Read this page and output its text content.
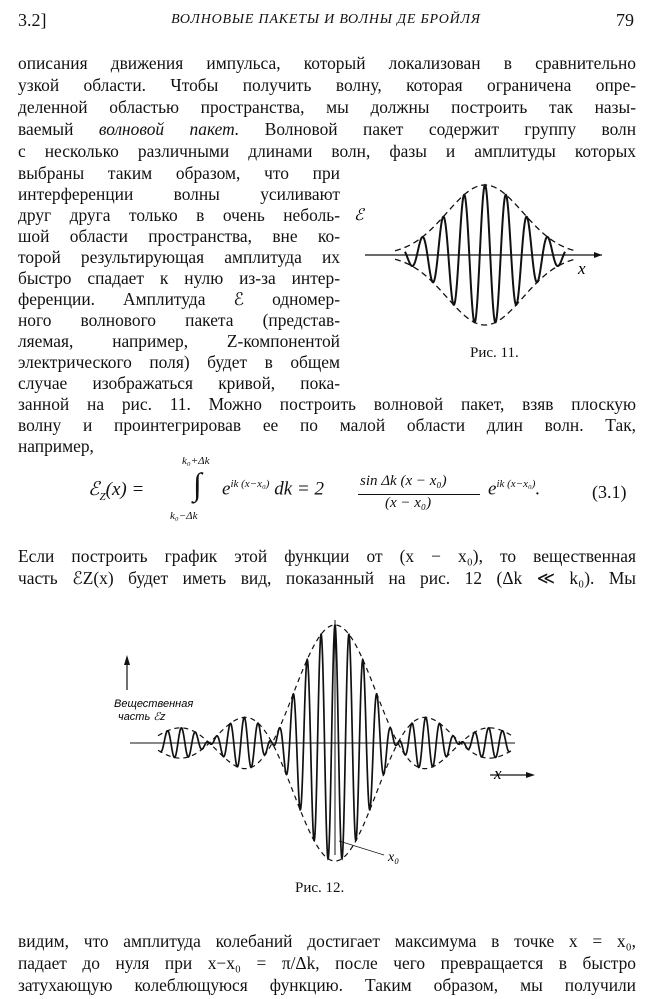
3.2]	ВОЛНОВЫЕ ПАКЕТЫ И ВОЛНЫ ДЕ БРОЙЛЯ	79
описания движения импульса, который локализован в сравнительно
узкой области. Чтобы получить волну, которая ограничена опре-
деленной областью пространства, мы должны построить так назы-
ваемый волновой пакет. Волновой пакет содержит группу волн
с несколько различными длинами волн, фазы и амплитуды которых
выбраны таким образом, что при
интерференции волны усиливают
друг друга только в очень неболь-
шой области пространства, вне ко-
торой результирующая амплитуда их
быстро спадает к нулю из-за интер-
ференции. Амплитуда ℰ одномер-
ного волнового пакета (представ-
ляемая, например, Z-компонентой
электрического поля) будет в общем
случае изображаться кривой, пока-
занной на рис. 11. Можно построить волновой пакет, взяв плоскую
волну и проинтегрировав ее по малой области длин волн. Так,
например,
ℰ
x
Рис. 11.
ℰ$_Z$(x) =
k₀+Δk
∫
k₀−Δk
$e^{ik (x-x_0)}$ dk = 2 sin Δk (x − x₀)
(x − x₀)
$e^{ik (x-x_0)}$.	(3.1)
Если построить график этой функции от (x − x₀), то вещественная
часть ℰZ(x) будет иметь вид, показанный на рис. 12 (Δk ≪ k₀). Мы
Вещественная
часть ℰz
x
x₀
Рис. 12.
видим, что амплитуда колебаний достигает максимума в точке x = x₀,
падает до нуля при x−x₀ = π/Δk, после чего превращается в быстро
затухающую колеблющуюся функцию. Таким образом, мы получили
